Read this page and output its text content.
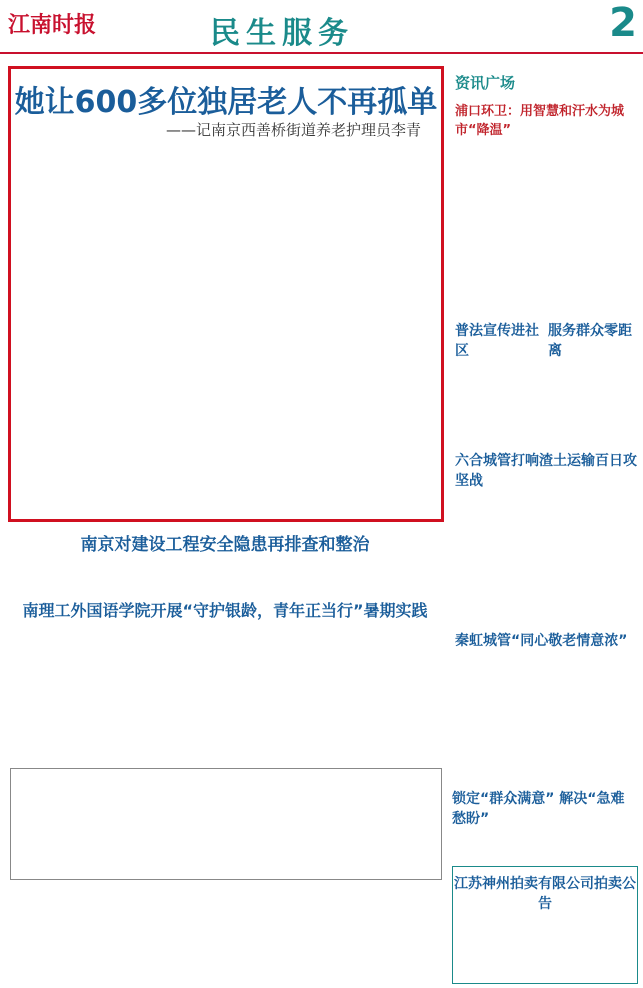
江南时报	民生服务	2
她让600多位独居老人不再孤单
——记南京西善桥街道养老护理员李青
资讯广场
浦口环卫：用智慧和汗水为城市“降温”
普法宣传进社区
服务群众零距离
六合城管打响渣土运输百日攻坚战
秦虹城管“同心敬老情意浓”
锁定“群众满意” 解决“急难愁盼”
南京对建设工程安全隐患再排查和整治
南理工外国语学院开展“守护银龄，青年正当行”暑期实践
江苏神州拍卖有限公司拍卖公告
